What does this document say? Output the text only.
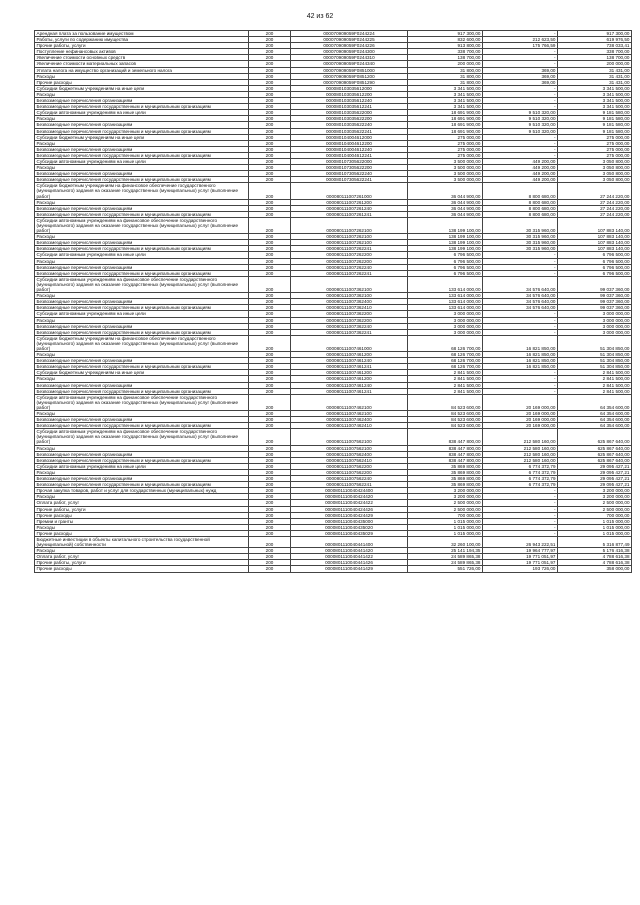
42 из 62
Арендная плата за пользование имуществом	200	000070909059F0244224	917 300,00	-	917 300,00
Работы, услуги по содержанию имущества	200	000070909059F0244225	832 600,00	212 623,50	619 976,50
Прочие работы, услуги	200	000070909059F0244226	913 800,00	175 766,59	738 033,41
Поступление нефинансовых активов	200	000070909059F0244300	338 700,00	-	338 700,00
Увеличение стоимости основных средств	200	000070909059F0244310	138 700,00	-	138 700,00
Увеличение стоимости материальных запасов	200	000070909059F0244340	200 000,00	-	200 000,00
Уплата налога на имущество организаций и земельного налога	200	000070909059F0851000	31 800,00	369,00	31 431,00
Расходы	200	000070909059F0851200	31 800,00	369,00	31 431,00
Прочие расходы	200	000070909059F0851290	31 800,00	369,00	31 431,00
Субсидии бюджетным учреждениям на иные цели	200	000080103035612000	3 341 500,00	-	3 341 500,00
Расходы	200	000080103035612200	3 341 500,00	-	3 341 500,00
Безвозмездные перечисления организациям	200	000080103035612240	3 341 500,00	-	3 341 500,00
Безвозмездные перечисления государственным и муниципальным организациям	200	000080103035612241	3 341 500,00	-	3 341 500,00
Субсидии автономным учреждениям на иные цели	200	000080103035622000	18 691 900,00	9 510 320,00	9 181 580,00
Расходы	200	000080103035622200	18 691 900,00	9 510 320,00	9 181 580,00
Безвозмездные перечисления организациям	200	000080103035622240	18 691 900,00	9 510 320,00	9 181 580,00
Безвозмездные перечисления государственным и муниципальным организациям	200	000080103035622241	18 691 900,00	9 510 320,00	9 181 580,00
Субсидии бюджетным учреждениям на иные цели	200	000080104004612000	275 000,00	-	275 000,00
Расходы	200	000080104004612200	275 000,00	-	275 000,00
Безвозмездные перечисления организациям	200	000080104004612240	275 000,00	-	275 000,00
Безвозмездные перечисления государственным и муниципальным организациям	200	000080104004612241	275 000,00	-	275 000,00
Субсидии автономным учреждениям на иные цели	200	000080107305622000	3 500 000,00	449 200,00	3 050 800,00
Расходы	200	000080107305622200	3 500 000,00	449 200,00	3 050 800,00
Безвозмездные перечисления организациям	200	000080107305622240	3 500 000,00	449 200,00	3 050 800,00
Безвозмездные перечисления государственным и муниципальным организациям	200	000080107305622241	3 500 000,00	449 200,00	3 050 800,00
Субсидии бюджетным учреждениям на финансовое обеспечение государственного (муниципального) задания на оказание государственных (муниципальных) услуг (выполнение работ)	200	000080111007261000	36 044 900,00	8 800 680,00	27 244 220,00
Расходы	200	000080111007261200	36 044 900,00	8 800 680,00	27 244 220,00
Безвозмездные перечисления организациям	200	000080111007261240	36 044 900,00	8 800 680,00	27 244 220,00
Безвозмездные перечисления государственным и муниципальным организациям	200	000080111007261241	36 044 900,00	8 800 680,00	27 244 220,00
Субсидии автономным учреждениям на финансовое обеспечение государственного (муниципального) задания на оказание государственных (муниципальных) услуг (выполнение работ)	200	000080111007262100	138 199 100,00	30 315 960,00	107 883 140,00
Расходы	200	000080111007262100	138 199 100,00	30 315 960,00	107 883 140,00
Безвозмездные перечисления организациям	200	000080111007262100	138 199 100,00	30 315 960,00	107 883 140,00
Безвозмездные перечисления государственным и муниципальным организациям	200	000080111007262241	138 199 100,00	30 315 960,00	107 883 140,00
Субсидии автономным учреждениям на иные цели	200	000080111007262200	6 796 500,00	-	6 796 500,00
Расходы	200	000080111007262200	6 796 500,00	-	6 796 500,00
Безвозмездные перечисления организациям	200	000080111007262240	6 796 500,00	-	6 796 500,00
Безвозмездные перечисления государственным и муниципальным организациям	200	000080111007262241	6 796 500,00	-	6 796 500,00
Субсидии автономным учреждениям на финансовое обеспечение государственного (муниципального) задания на оказание государственных (муниципальных) услуг (выполнение работ)	200	000080111007362100	133 614 000,00	34 576 640,00	99 037 360,00
Расходы	200	000080111007362100	133 614 000,00	34 576 640,00	99 037 360,00
Безвозмездные перечисления организациям	200	000080111007362400	133 614 000,00	34 576 640,00	99 037 360,00
Безвозмездные перечисления государственным и муниципальным организациям	200	000080111007362410	133 614 000,00	34 576 640,00	99 037 360,00
Субсидии автономным учреждениям на иные цели	200	000080111007362200	3 000 000,00	-	3 000 000,00
Расходы	200	000080111007362200	3 000 000,00	-	3 000 000,00
Безвозмездные перечисления организациям	200	000080111007362240	3 000 000,00	-	3 000 000,00
Безвозмездные перечисления государственным и муниципальным организациям	200	000080111007362241	3 000 000,00	-	3 000 000,00
Субсидии бюджетным учреждениям на финансовое обеспечение государственного (муниципального) задания на оказание государственных (муниципальных) услуг (выполнение работ)	200	000080111007461000	68 126 700,00	16 821 850,00	51 304 850,00
Расходы	200	000080111007461200	68 126 700,00	16 821 850,00	51 304 850,00
Безвозмездные перечисления организациям	200	000080111007461240	68 126 700,00	16 821 850,00	51 304 850,00
Безвозмездные перечисления государственным и муниципальным организациям	200	000080111007461241	68 126 700,00	16 821 850,00	51 304 850,00
Субсидии бюджетным учреждениям на иные цели	200	000080111007461200	2 841 500,00	-	2 841 500,00
Расходы	200	000080111007461200	2 841 500,00	-	2 841 500,00
Безвозмездные перечисления организациям	200	000080111007461240	2 841 500,00	-	2 841 500,00
Безвозмездные перечисления государственным и муниципальным организациям	200	000080111007461241	2 841 500,00	-	2 841 500,00
Субсидии автономным учреждениям на финансовое обеспечение государственного (муниципального) задания на оказание государственных (муниципальных) услуг (выполнение работ)	200	000080111007462100	84 523 600,00	20 169 000,00	64 354 600,00
Расходы	200	000080111007462100	84 523 600,00	20 169 000,00	64 354 600,00
Безвозмездные перечисления организациям	200	000080111007462400	84 523 600,00	20 169 000,00	64 354 600,00
Безвозмездные перечисления государственным и муниципальным организациям	200	000080111007462410	84 523 600,00	20 169 000,00	64 354 600,00
Субсидии автономным учреждениям на финансовое обеспечение государственного (муниципального) задания на оказание государственных (муниципальных) услуг (выполнение работ)	200	000080111007562100	838 447 800,00	212 580 160,00	625 867 640,00
Расходы	200	000080111007562100	838 447 800,00	212 580 160,00	625 867 640,00
Безвозмездные перечисления организациям	200	000080111007562400	838 447 800,00	212 580 160,00	625 867 640,00
Безвозмездные перечисления государственным и муниципальным организациям	200	000080111007562410	838 447 800,00	212 580 160,00	625 867 640,00
Субсидии автономным учреждениям на иные цели	200	000080111007562200	35 869 800,00	6 774 372,79	29 095 427,21
Расходы	200	000080111007562200	35 869 800,00	6 774 372,79	29 095 427,21
Безвозмездные перечисления организациям	200	000080111007562240	35 869 800,00	6 774 372,79	29 095 427,21
Безвозмездные перечисления государственным и муниципальным организациям	200	000080111007562241	35 869 800,00	6 774 372,79	29 095 427,21
Прочая закупка товаров, работ и услуг для государственных (муниципальных) нужд	200	0000801110040424400	3 200 000,00	-	3 200 000,00
Расходы	200	0000801110040424420	3 200 000,00	-	3 200 000,00
Оплата работ, услуг	200	0000801110040424422	2 500 000,00	-	2 500 000,00
Прочие работы, услуги	200	0000801110040424426	2 500 000,00	-	2 500 000,00
Прочие расходы	200	0000801110040424429	700 000,00	-	700 000,00
Премии и гранты	200	0000801110040435000	1 015 000,00	-	1 015 000,00
Расходы	200	0000801110040435020	1 015 000,00	-	1 015 000,00
Прочие расходы	200	0000801110040435029	1 015 000,00	-	1 015 000,00
Бюджетные инвестиции в объекты капитального строительства государственной (муниципальной) собственности	200	0000801110040441400	32 260 100,00	26 943 222,51	5 316 877,49
Расходы	200	0000801110040441420	25 141 194,35	19 964 777,97	5 176 416,38
Оплата работ, услуг	200	0000801110040441422	24 589 865,38	19 771 051,97	4 788 616,38
Прочие работы, услуги	200	0000801110040441426	24 589 865,38	19 771 051,97	4 788 616,38
Прочие расходы	200	0000801110040441429	551 726,00	193 726,00	358 000,00
